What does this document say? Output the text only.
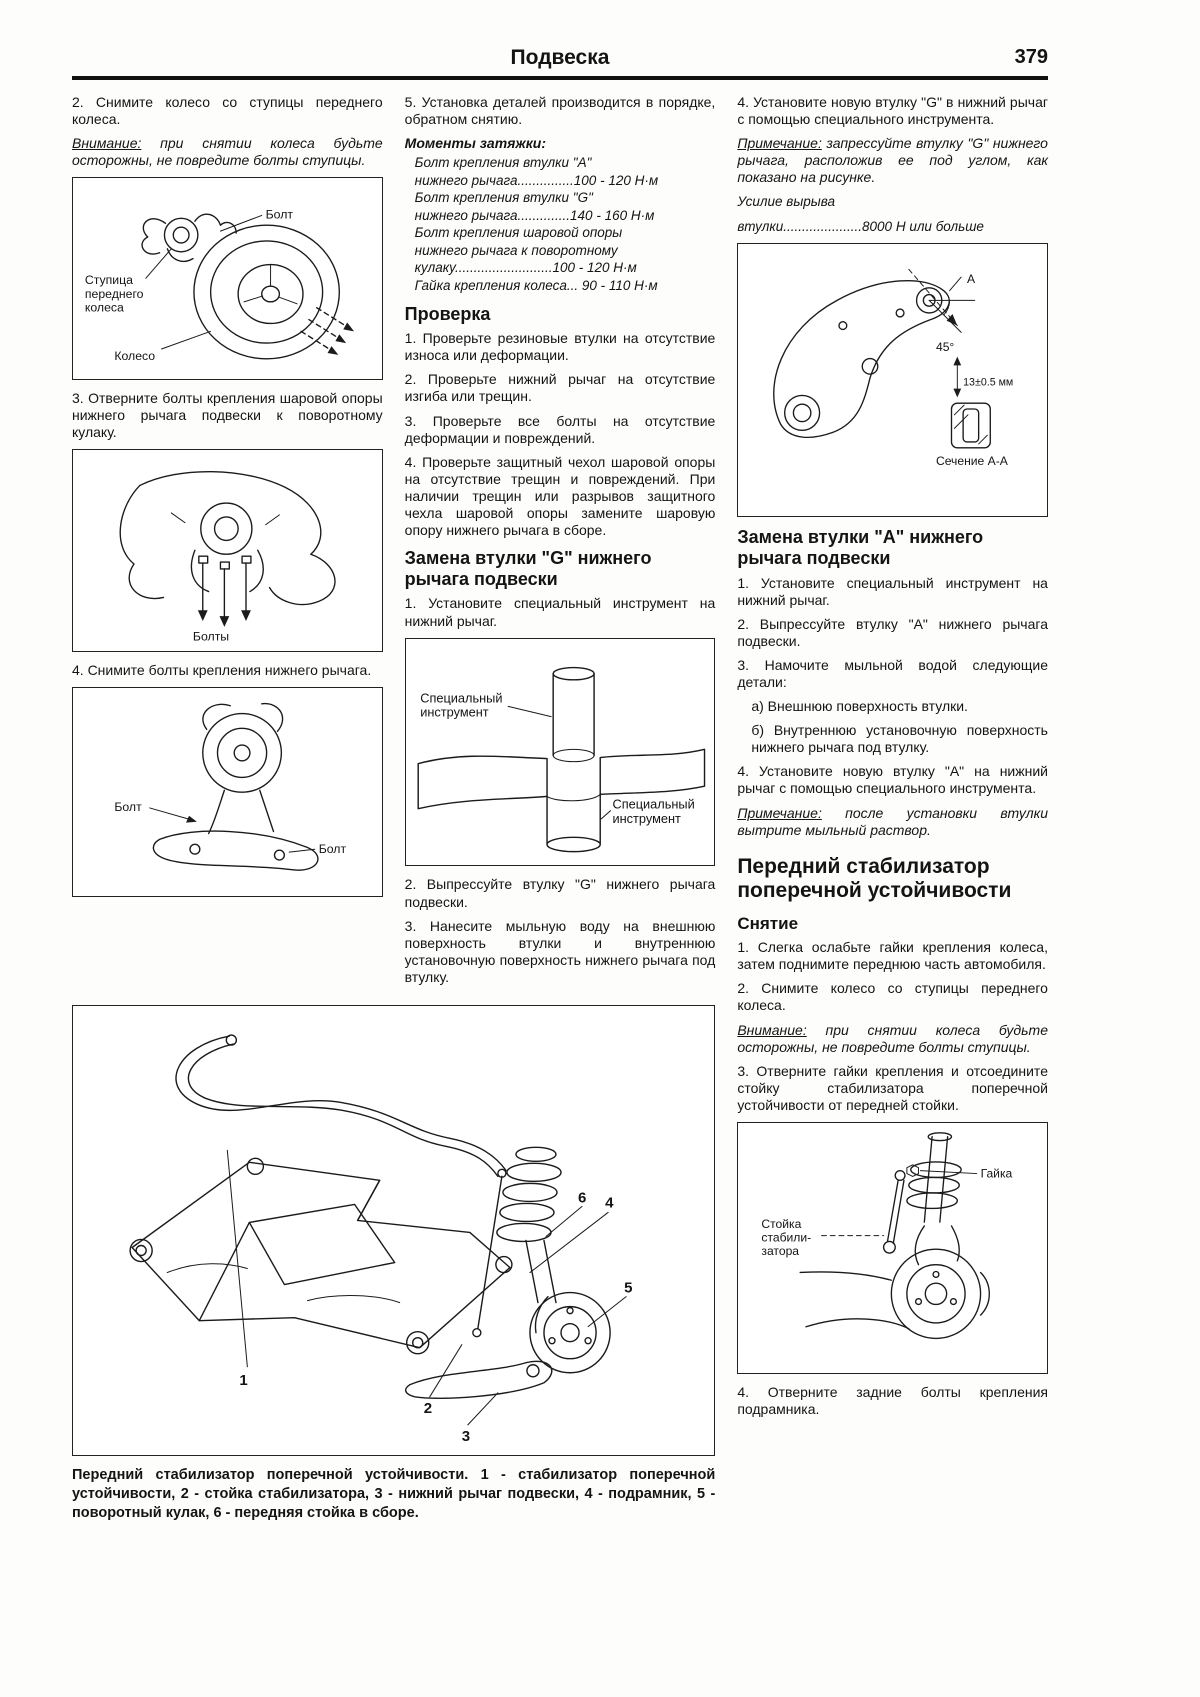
Подвеска	379

2. Снимите колесо со ступицы переднего колеса.

Внимание: при снятии колеса будьте осторожны, не повредите болты ступицы.

Болт
Ступица
переднего
колеса
Колесо

3. Отверните болты крепления шаровой опоры нижнего рычага подвески к поворотному кулаку.

Болты

4. Снимите болты крепления нижнего рычага.

Болт
Болт

5. Установка деталей производится в порядке, обратном снятию.

Моменты затяжки:

Болт крепления втулки "А"

нижнего рычага...............100 - 120 Н·м

Болт крепления втулки "G"

нижнего рычага..............140 - 160 Н·м

Болт крепления шаровой опоры

нижнего рычага к поворотному

кулаку..........................100 - 120 Н·м

Гайка крепления колеса... 90 - 110 Н·м

Проверка

1. Проверьте резиновые втулки на отсутствие износа или деформации.

2. Проверьте нижний рычаг на отсутствие изгиба или трещин.

3. Проверьте все болты на отсутствие деформации и повреждений.

4. Проверьте защитный чехол шаровой опоры на отсутствие трещин и повреждений. При наличии трещин или разрывов защитного чехла шаровой опоры замените шаровую опору нижнего рычага в сборе.

Замена втулки "G" нижнего рычага подвески

1. Установите специальный инструмент на нижний рычаг.

Специальный
инструмент
Специальный
инструмент

2. Выпрессуйте втулку "G" нижнего рычага подвески.

3. Нанесите мыльную воду на внешнюю поверхность втулки и внутреннюю установочную поверхность нижнего рычага под втулку.

4. Установите новую втулку "G" в нижний рычаг с помощью специального инструмента.

Примечание: запрессуйте втулку "G" нижнего рычага, расположив ее под углом, как показано на рисунке.

Усилие вырыва

втулки.....................8000 Н или больше

А
45°
13±0.5 мм
Сечение А-А
Замена втулки "А" нижнего рычага подвески

1. Установите специальный инструмент на нижний рычаг.

2. Выпрессуйте втулку "А" нижнего рычага подвески.

3. Намочите мыльной водой следующие детали:

а) Внешнюю поверхность втулки.

б) Внутреннюю установочную поверхность нижнего рычага под втулку.

4. Установите новую втулку "А" на нижний рычаг с помощью специального инструмента.

Примечание: после установки втулки вытрите мыльный раствор.

Передний стабилизатор поперечной устойчивости
Снятие

1. Слегка ослабьте гайки крепления колеса, затем поднимите переднюю часть автомобиля.

2. Снимите колесо со ступицы переднего колеса.

Внимание: при снятии колеса будьте осторожны, не повредите болты ступицы.

3. Отверните гайки крепления и отсоедините стойку стабилизатора поперечной устойчивости от передней стойки.

Гайка
Стойка
стабили-
затора

4. Отверните задние болты крепления подрамника.

6 4
5
1
2
3

Передний стабилизатор поперечной устойчивости. 1 - стабилизатор поперечной устойчивости, 2 - стойка стабилизатора, 3 - нижний рычаг подвески, 4 - подрамник, 5 - поворотный кулак, 6 - передняя стойка в сборе.
